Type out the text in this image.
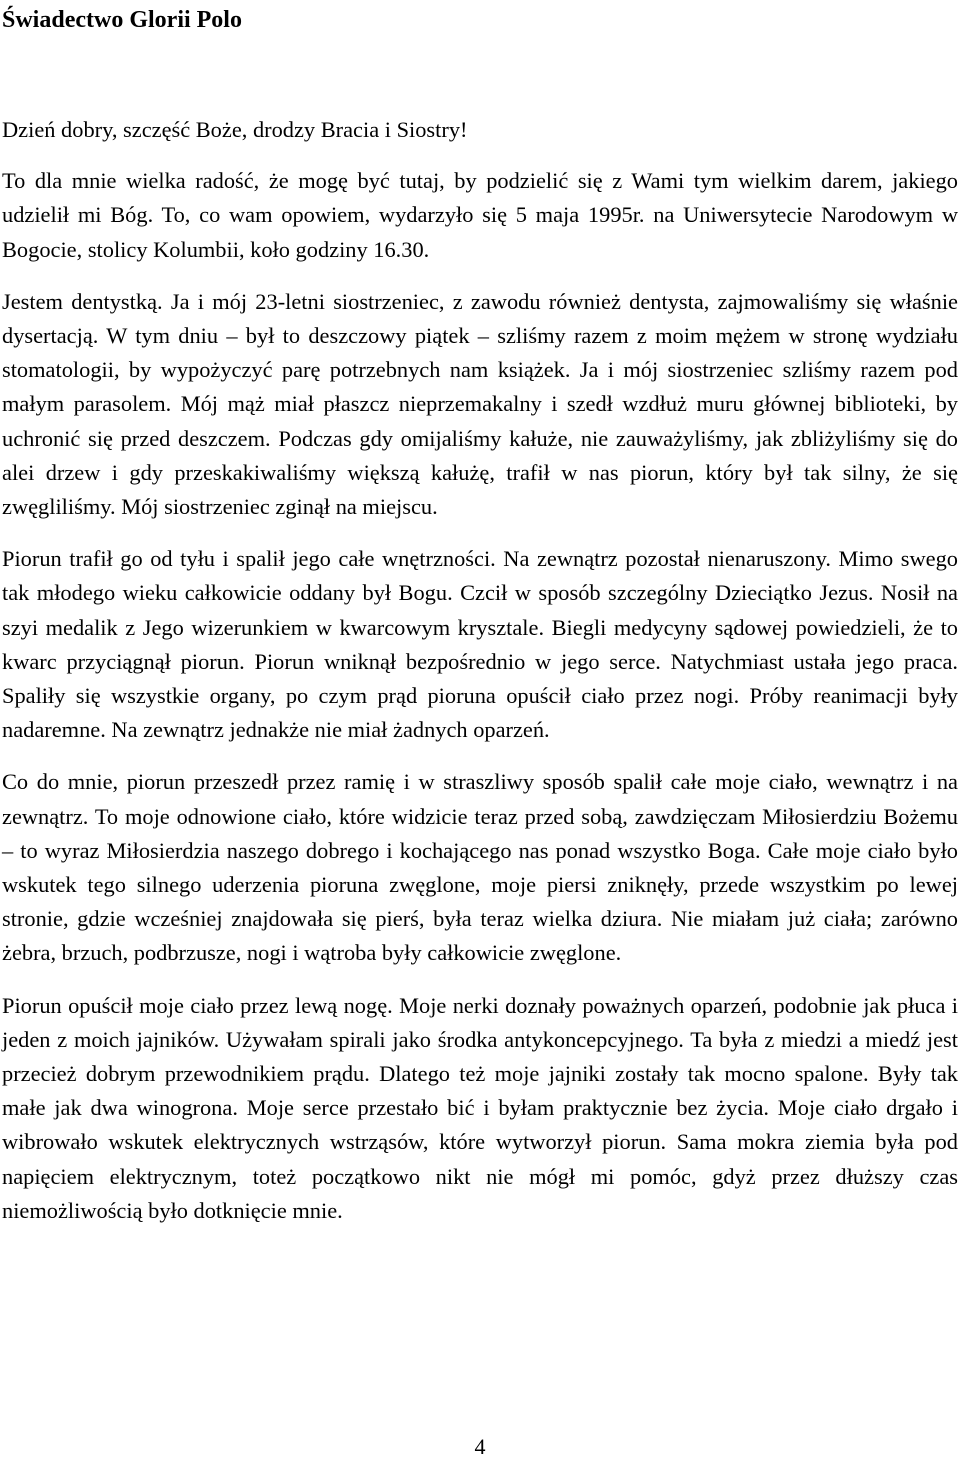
Świadectwo Glorii Polo

Dzień dobry, szczęść Boże, drodzy Bracia i Siostry!

To dla mnie wielka radość, że mogę być tutaj, by podzielić się z Wami tym wielkim darem, jakiego udzielił mi Bóg. To, co wam opowiem, wydarzyło się 5 maja 1995r. na Uniwersytecie Narodowym w Bogocie, stolicy Kolumbii, koło godziny 16.30.

Jestem dentystką. Ja i mój 23-letni siostrzeniec, z zawodu również dentysta, zajmowaliśmy się właśnie dysertacją. W tym dniu – był to deszczowy piątek – szliśmy razem z moim mężem w stronę wydziału stomatologii, by wypożyczyć parę potrzebnych nam książek. Ja i mój siostrzeniec szliśmy razem pod małym parasolem. Mój mąż miał płaszcz nieprzemakalny i szedł wzdłuż muru głównej biblioteki, by uchronić się przed deszczem. Podczas gdy omijaliśmy kałuże, nie zauważyliśmy, jak zbliżyliśmy się do alei drzew i gdy przeskakiwaliśmy większą kałużę, trafił w nas piorun, który był tak silny, że się zwęgliliśmy. Mój siostrzeniec zginął na miejscu.

Piorun trafił go od tyłu i spalił jego całe wnętrzności. Na zewnątrz pozostał nienaruszony. Mimo swego tak młodego wieku całkowicie oddany był Bogu. Czcił w sposób szczególny Dzieciątko Jezus. Nosił na szyi medalik z Jego wizerunkiem w kwarcowym krysztale. Biegli medycyny sądowej powiedzieli, że to kwarc przyciągnął piorun. Piorun wniknął bezpośrednio w jego serce. Natychmiast ustała jego praca. Spaliły się wszystkie organy, po czym prąd pioruna opuścił ciało przez nogi. Próby reanimacji były nadaremne. Na zewnątrz jednakże nie miał żadnych oparzeń.

Co do mnie, piorun przeszedł przez ramię i w straszliwy sposób spalił całe moje ciało, wewnątrz i na zewnątrz. To moje odnowione ciało, które widzicie teraz przed sobą, zawdzięczam Miłosierdziu Bożemu – to wyraz Miłosierdzia naszego dobrego i kochającego nas ponad wszystko Boga. Całe moje ciało było wskutek tego silnego uderzenia pioruna zwęglone, moje piersi zniknęły, przede wszystkim po lewej stronie, gdzie wcześniej znajdowała się pierś, była teraz wielka dziura. Nie miałam już ciała; zarówno żebra, brzuch, podbrzusze, nogi i wątroba były całkowicie zwęglone.

Piorun opuścił moje ciało przez lewą nogę. Moje nerki doznały poważnych oparzeń, podobnie jak płuca i jeden z moich jajników. Używałam spirali jako środka antykoncepcyjnego. Ta była z miedzi a miedź jest przecież dobrym przewodnikiem prądu. Dlatego też moje jajniki zostały tak mocno spalone. Były tak małe jak dwa winogrona. Moje serce przestało bić i byłam praktycznie bez życia. Moje ciało drgało i wibrowało wskutek elektrycznych wstrząsów, które wytworzył piorun. Sama mokra ziemia była pod napięciem elektrycznym, toteż początkowo nikt nie mógł mi pomóc, gdyż przez dłuższy czas niemożliwością było dotknięcie mnie.

4
